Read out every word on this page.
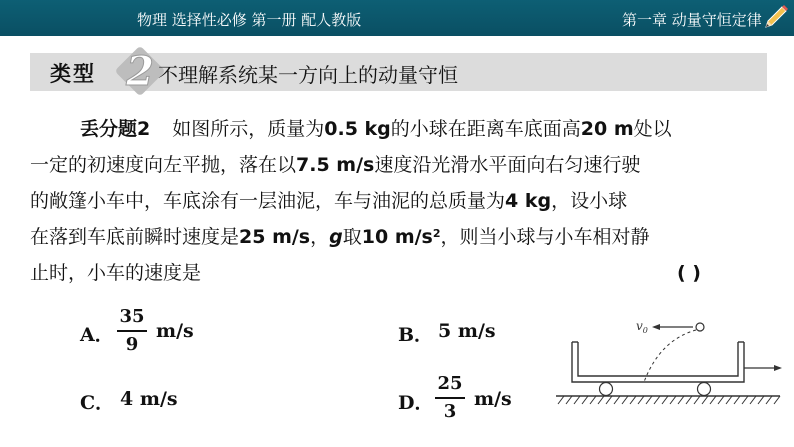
物理 选择性必修 第一册 配人教版	第一章 动量守恒定律
类型 2 不理解系统某一方向上的动量守恒
丢分题2 如图所示，质量为0.5 kg的小球在距离车底面高20 m处以
一定的初速度向左平抛，落在以7.5 m/s速度沿光滑水平面向右匀速行驶
的敞篷小车中，车底涂有一层油泥，车与油泥的总质量为4 kg，设小球
在落到车底前瞬时速度是25 m/s，g取10 $m/s^2$，则当小球与小车相对静
止时，小车的速度是	( )
A．
35
9
m/s	B． 5 m/s
C． 4 m/s	D．
25
3
m/s
$v_0$
